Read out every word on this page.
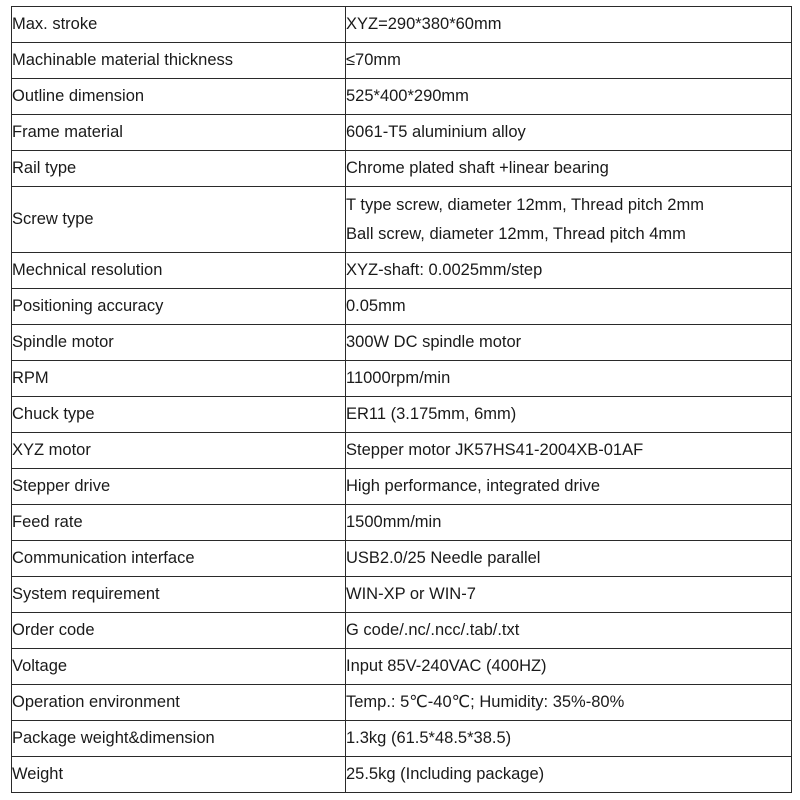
Max. stroke	XYZ=290*380*60mm

Machinable material thickness	≤70mm

Outline dimension	525*400*290mm

Frame material	6061-T5 aluminium alloy

Rail type	Chrome plated shaft +linear bearing

Screw type	T type screw, diameter 12mm, Thread pitch 2mm
Ball screw, diameter 12mm, Thread pitch 4mm

Mechnical resolution	XYZ-shaft: 0.0025mm/step

Positioning accuracy	0.05mm

Spindle motor	300W DC spindle motor

RPM	11000rpm/min

Chuck type	ER11 (3.175mm, 6mm)

XYZ motor	Stepper motor JK57HS41-2004XB-01AF

Stepper drive	High performance, integrated drive

Feed rate	1500mm/min

Communication interface	USB2.0/25 Needle parallel

System requirement	WIN-XP or WIN-7

Order code	G code/.nc/.ncc/.tab/.txt

Voltage	Input 85V-240VAC (400HZ)

Operation environment	Temp.: 5℃-40℃; Humidity: 35%-80%

Package weight&dimension	1.3kg (61.5*48.5*38.5)

Weight	25.5kg (Including package)
